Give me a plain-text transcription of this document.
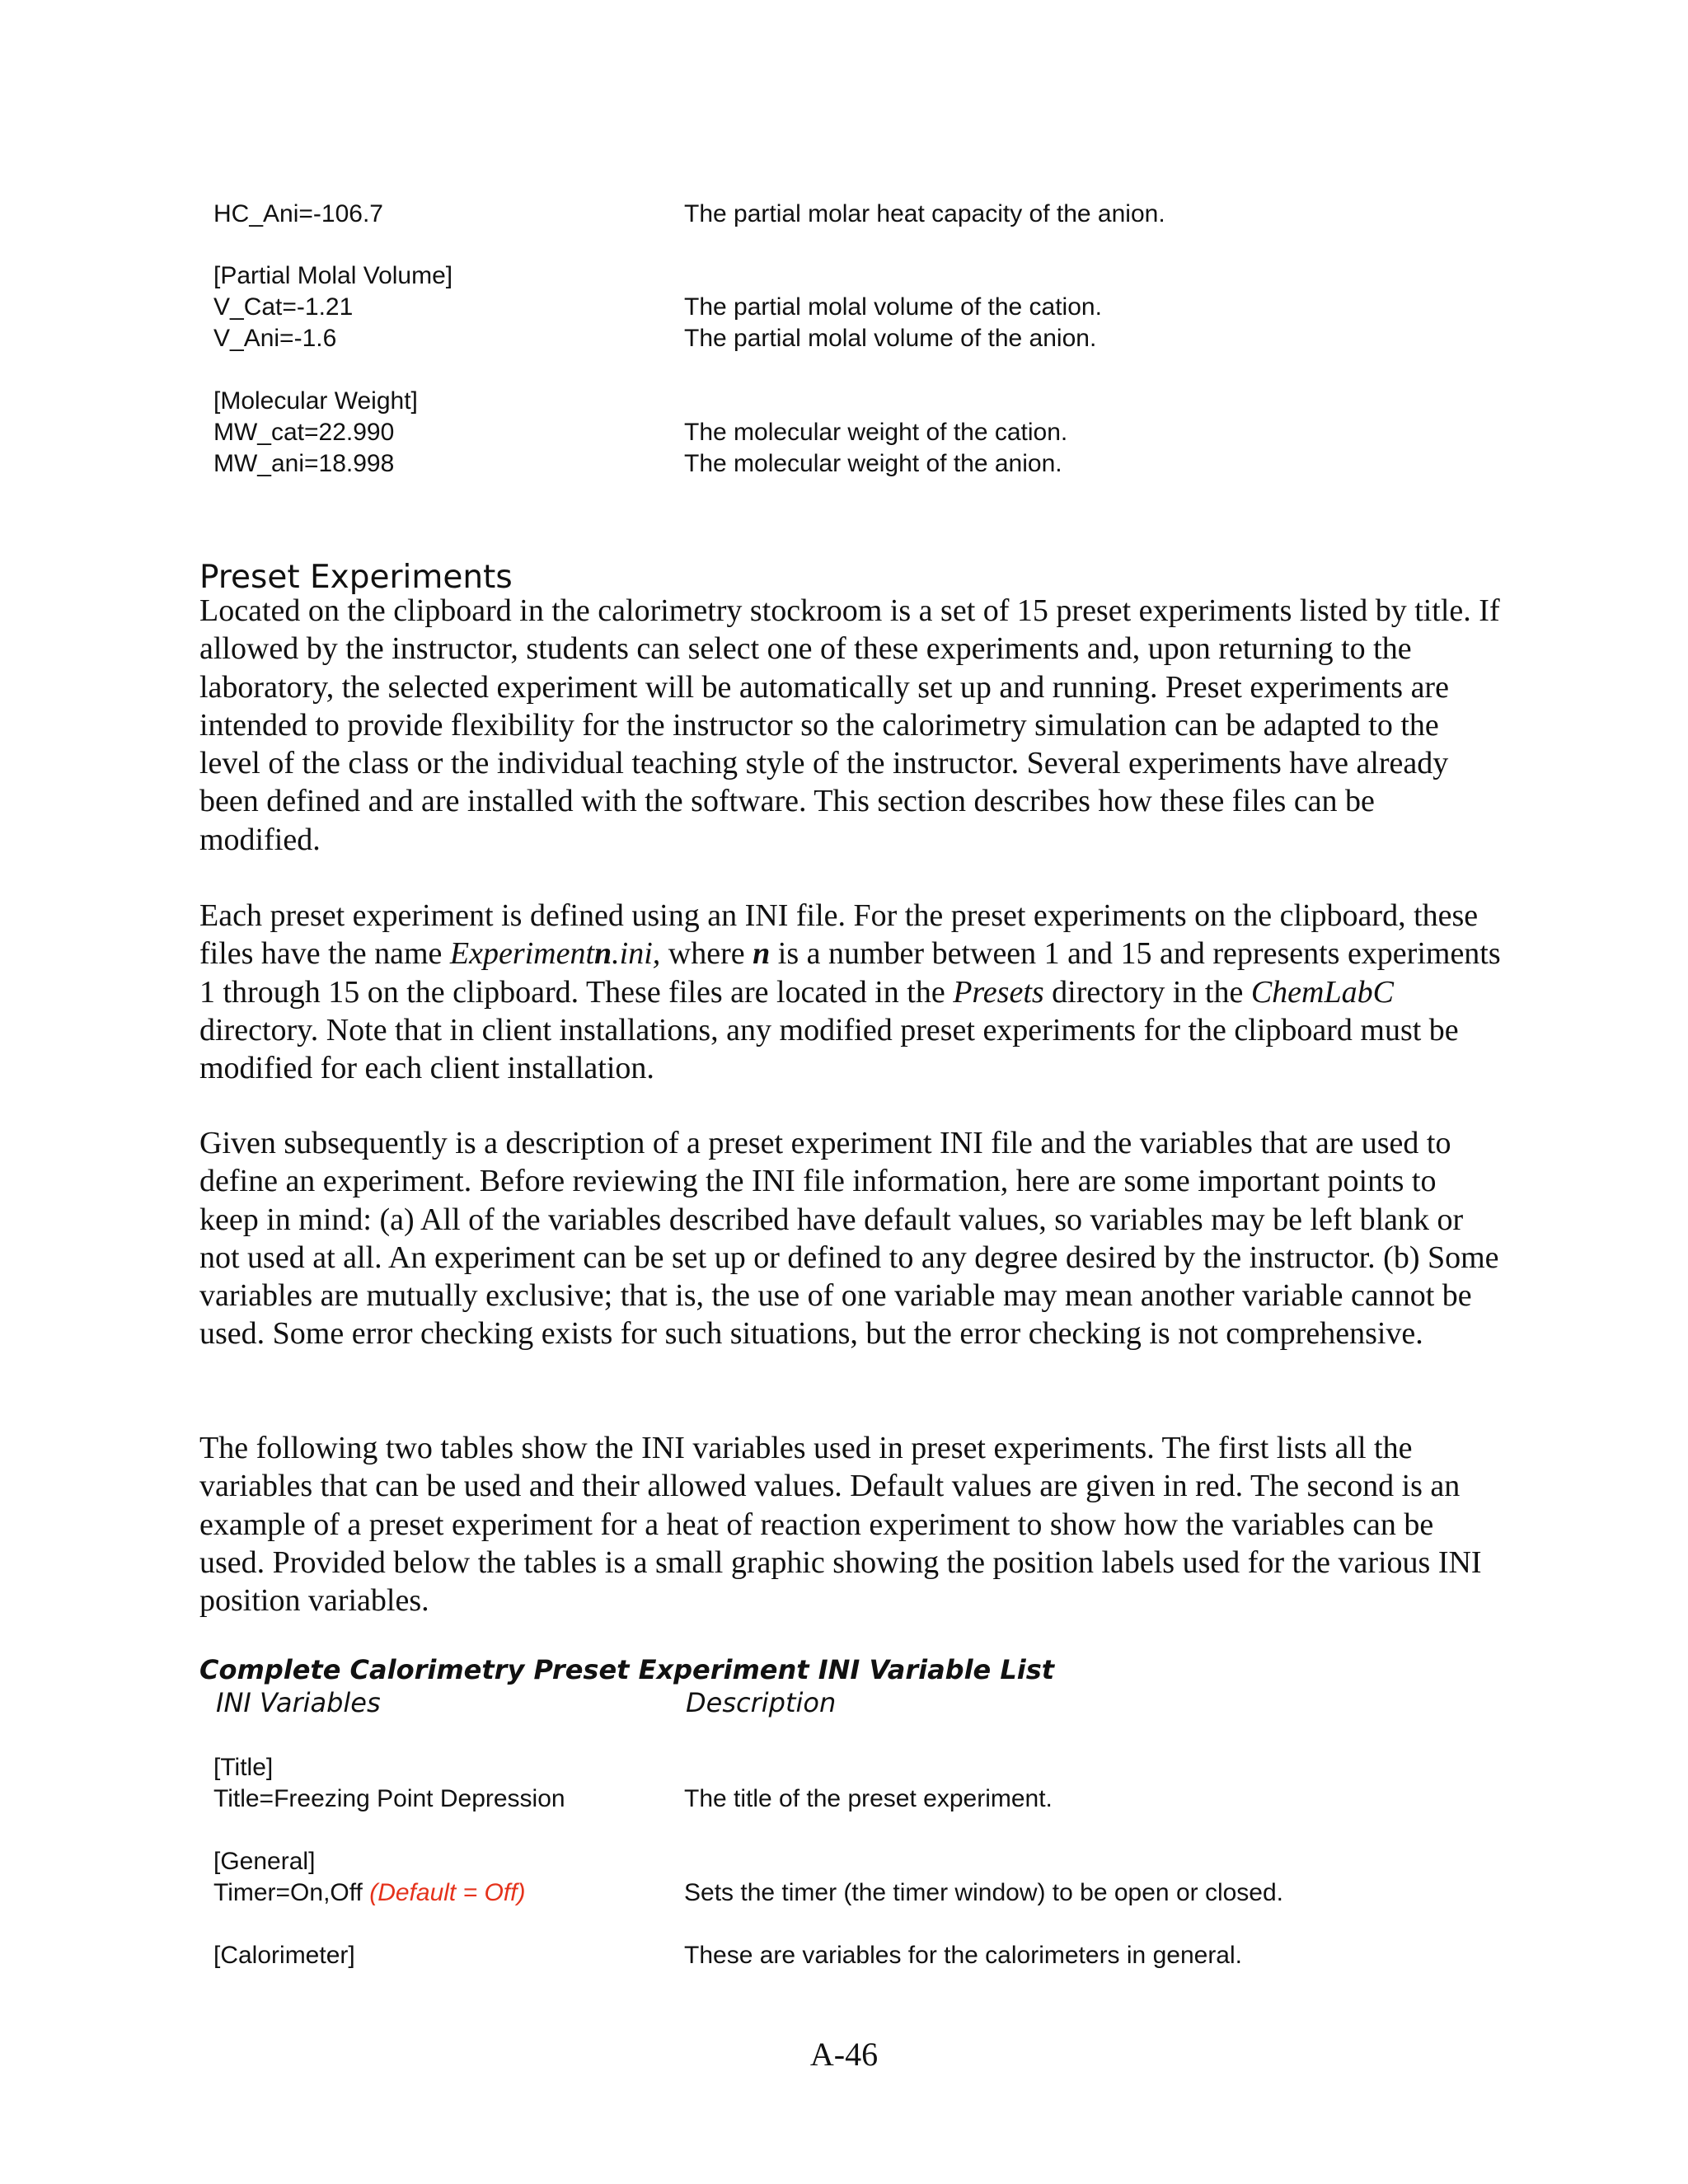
HC_Ani=-106.7	The partial molar heat capacity of the anion.
[Partial Molal Volume]
V_Cat=-1.21	The partial molal volume of the cation.
V_Ani=-1.6	The partial molal volume of the anion.
[Molecular Weight]
MW_cat=22.990	The molecular weight of the cation.
MW_ani=18.998	The molecular weight of the anion.
Preset Experiments

Located on the clipboard in the calorimetry stockroom is a set of 15 preset experiments listed by title. If allowed by the instructor, students can select one of these experiments and, upon returning to the laboratory, the selected experiment will be automatically set up and running. Preset experiments are intended to provide flexibility for the instructor so the calorimetry simulation can be adapted to the level of the class or the individual teaching style of the instructor. Several experiments have already been defined and are installed with the software. This section describes how these files can be modified.

Each preset experiment is defined using an INI file. For the preset experiments on the clipboard, these files have the name Experimentn.ini, where n is a number between 1 and 15 and represents experiments 1 through 15 on the clipboard. These files are located in the Presets directory in the ChemLabC directory. Note that in client installations, any modified preset experiments for the clipboard must be modified for each client installation.

Given subsequently is a description of a preset experiment INI file and the variables that are used to define an experiment. Before reviewing the INI file information, here are some important points to keep in mind: (a) All of the variables described have default values, so variables may be left blank or not used at all. An experiment can be set up or defined to any degree desired by the instructor. (b) Some variables are mutually exclusive; that is, the use of one variable may mean another variable cannot be used. Some error checking exists for such situations, but the error checking is not comprehensive.

The following two tables show the INI variables used in preset experiments. The first lists all the variables that can be used and their allowed values. Default values are given in red. The second is an example of a preset experiment for a heat of reaction experiment to show how the variables can be used. Provided below the tables is a small graphic showing the position labels used for the various INI position variables.

Complete Calorimetry Preset Experiment INI Variable List
INI Variables	Description
[Title]
Title=Freezing Point Depression	The title of the preset experiment.
[General]
Timer=On,Off (Default = Off)	Sets the timer (the timer window) to be open or closed.
[Calorimeter]	These are variables for the calorimeters in general.
A-46
